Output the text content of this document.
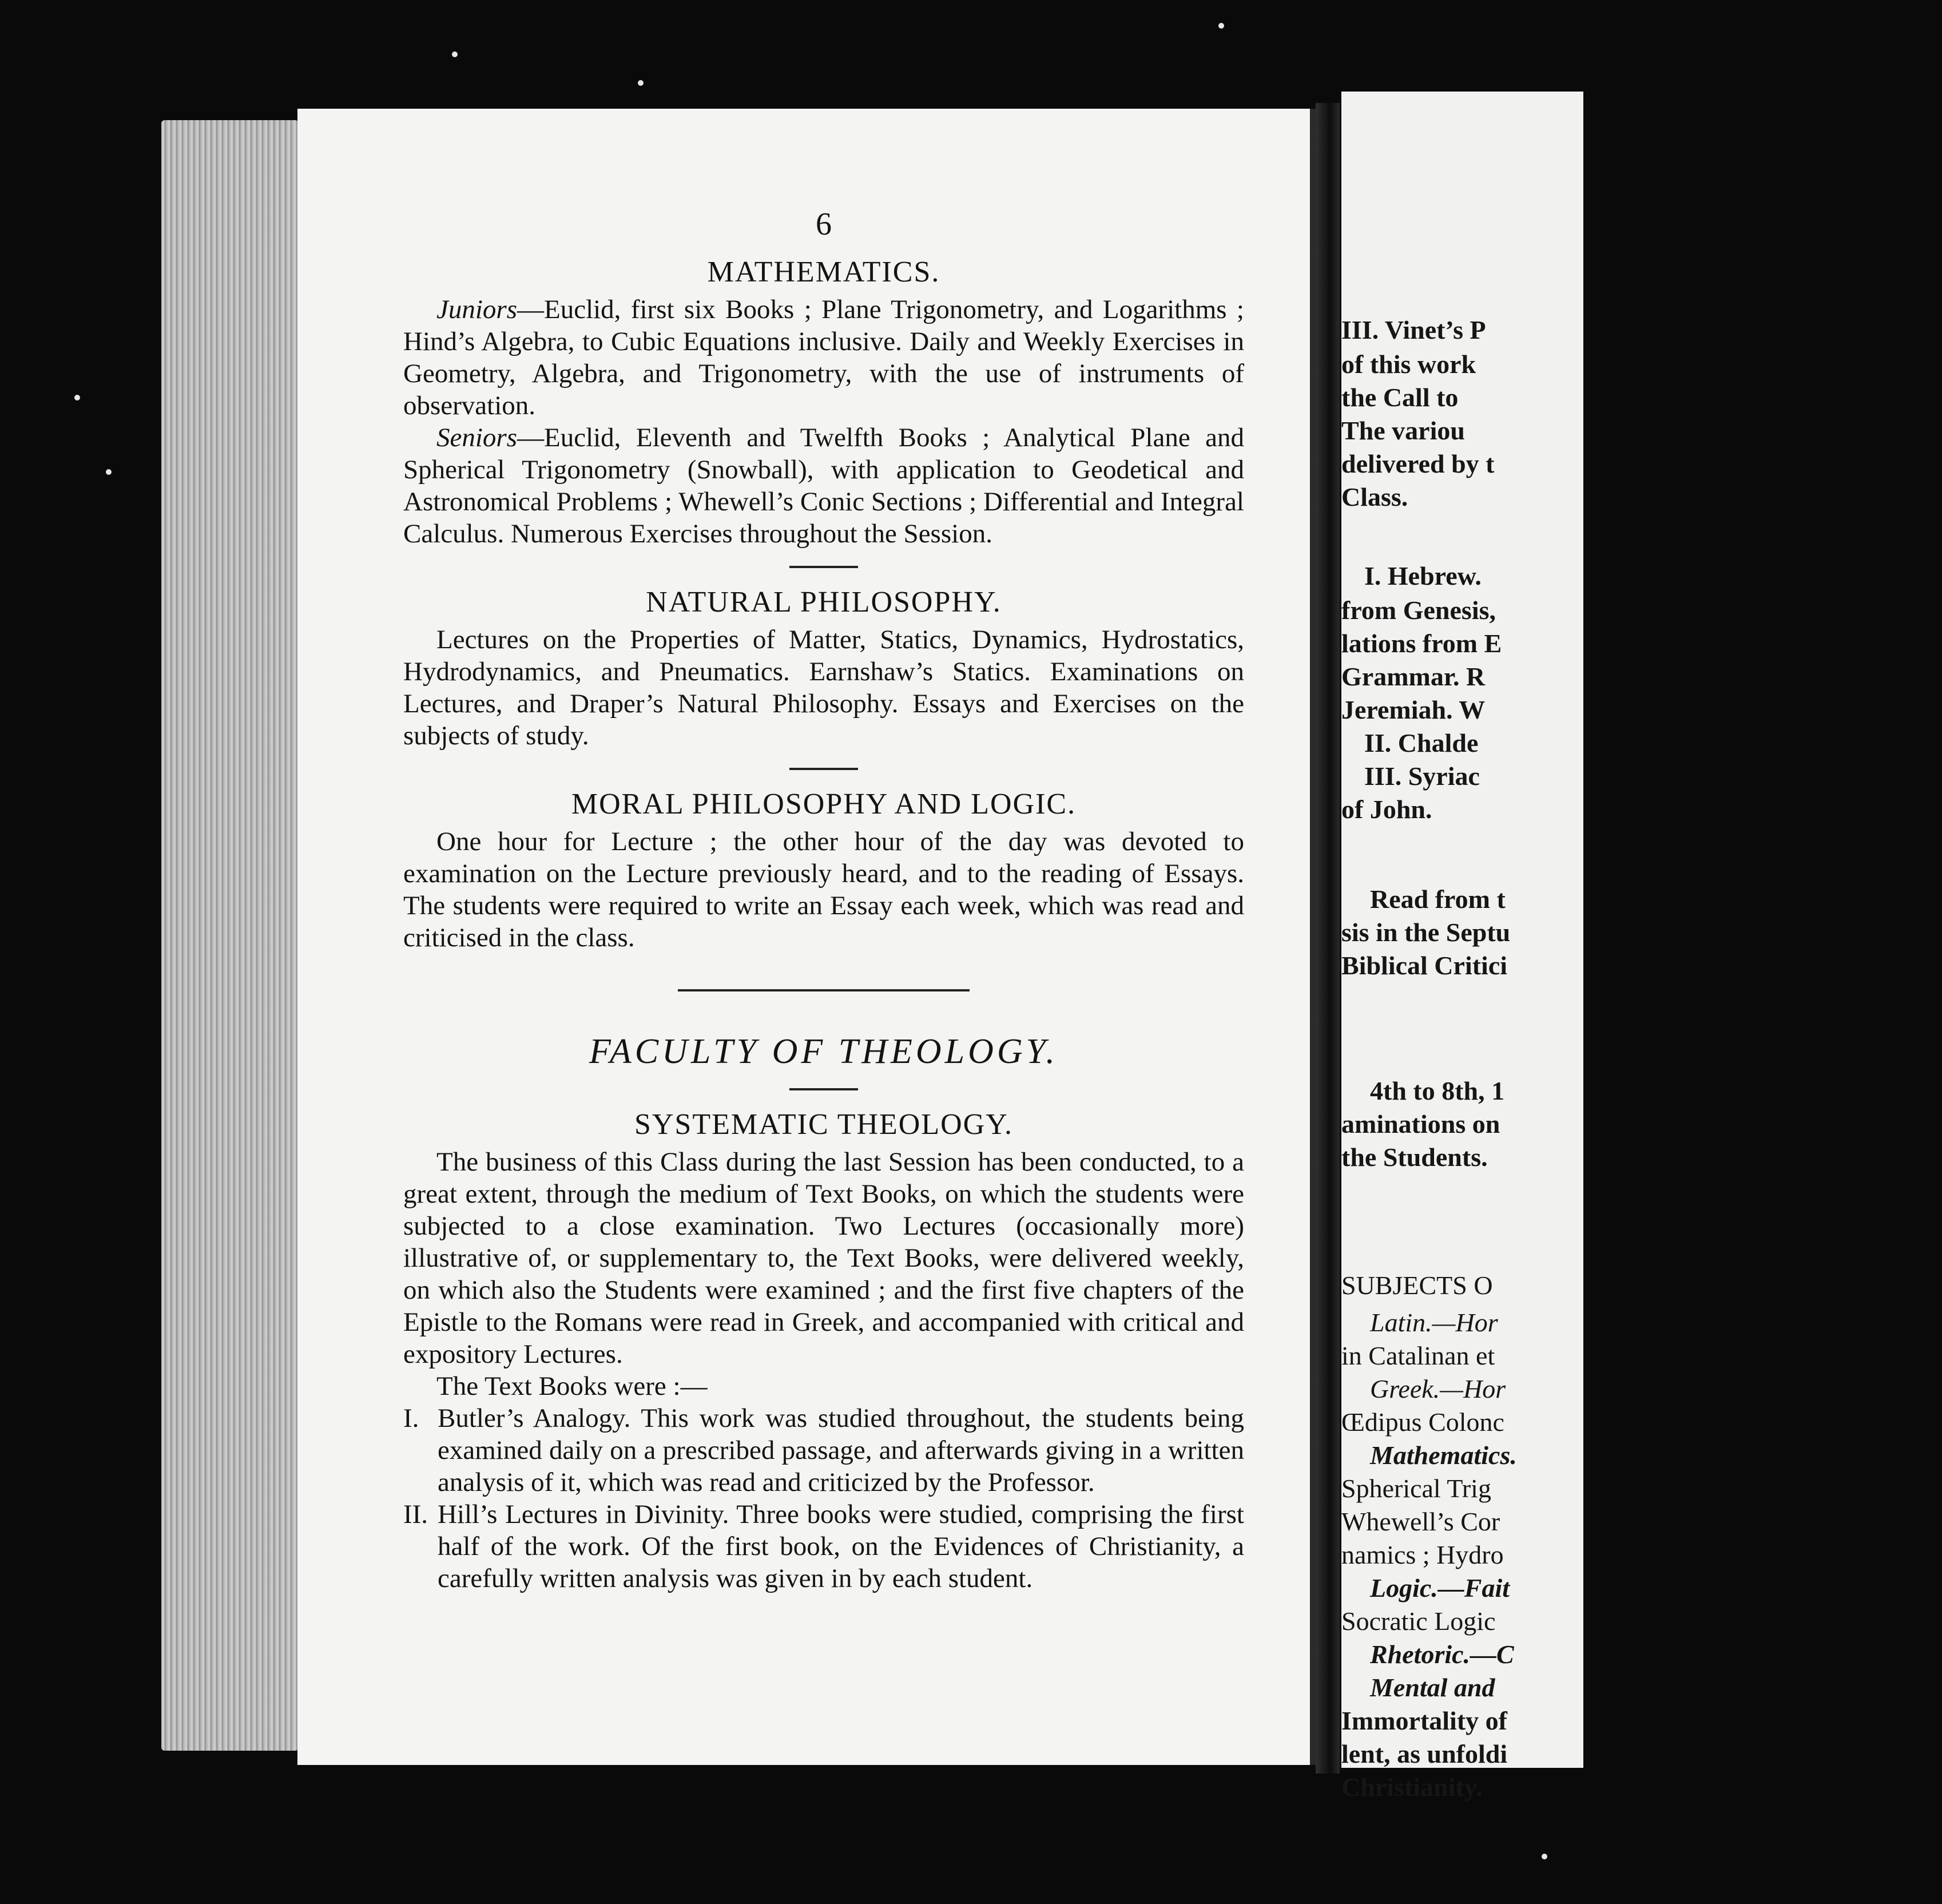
6
MATHEMATICS.

Juniors—Euclid, first six Books ; Plane Trigonometry, and Logarithms ; Hind’s Algebra, to Cubic Equations inclusive. Daily and Weekly Exercises in Geometry, Algebra, and Trigonometry, with the use of instruments of observation.

Seniors—Euclid, Eleventh and Twelfth Books ; Analytical Plane and Spherical Trigonometry (Snowball), with application to Geodetical and Astronomical Problems ; Whewell’s Conic Sections ; Differential and Integral Calculus. Numerous Exercises throughout the Session.

NATURAL PHILOSOPHY.

Lectures on the Properties of Matter, Statics, Dynamics, Hydrostatics, Hydrodynamics, and Pneumatics. Earnshaw’s Statics. Examinations on Lectures, and Draper’s Natural Philosophy. Essays and Exercises on the subjects of study.

MORAL PHILOSOPHY AND LOGIC.

One hour for Lecture ; the other hour of the day was devoted to examination on the Lecture previously heard, and to the reading of Essays. The students were required to write an Essay each week, which was read and criticised in the class.

FACULTY OF THEOLOGY.
SYSTEMATIC THEOLOGY.

The business of this Class during the last Session has been conducted, to a great extent, through the medium of Text Books, on which the students were subjected to a close examination. Two Lectures (occasionally more) illustrative of, or supplementary to, the Text Books, were delivered weekly, on which also the Students were examined ; and the first five chapters of the Epistle to the Romans were read in Greek, and accompanied with critical and expository Lectures.

The Text Books were :—

I. Butler’s Analogy. This work was studied throughout, the students being examined daily on a prescribed passage, and afterwards giving in a written analysis of it, which was read and criticized by the Professor.
II. Hill’s Lectures in Divinity. Three books were studied, comprising the first half of the work. Of the first book, on the Evidences of Christianity, a carefully written analysis was given in by each student.
III. Vinet’s P
of this work
the Call to
The variou
delivered by t
Class.
I. Hebrew.
from Genesis,
lations from E
Grammar. R
Jeremiah. W
II. Chalde
III. Syriac
of John.
Read from t
sis in the Septu
Biblical Critici
4th to 8th, 1
aminations on
the Students.
SUBJECTS O
Latin.—Hor
in Catalinan et
Greek.—Hor
Œdipus Colonc
Mathematics.
Spherical Trig
Whewell’s Cor
namics ; Hydro
Logic.—Fait
Socratic Logic
Rhetoric.—C
Mental and
Immortality of
lent, as unfoldi
Christianity.
